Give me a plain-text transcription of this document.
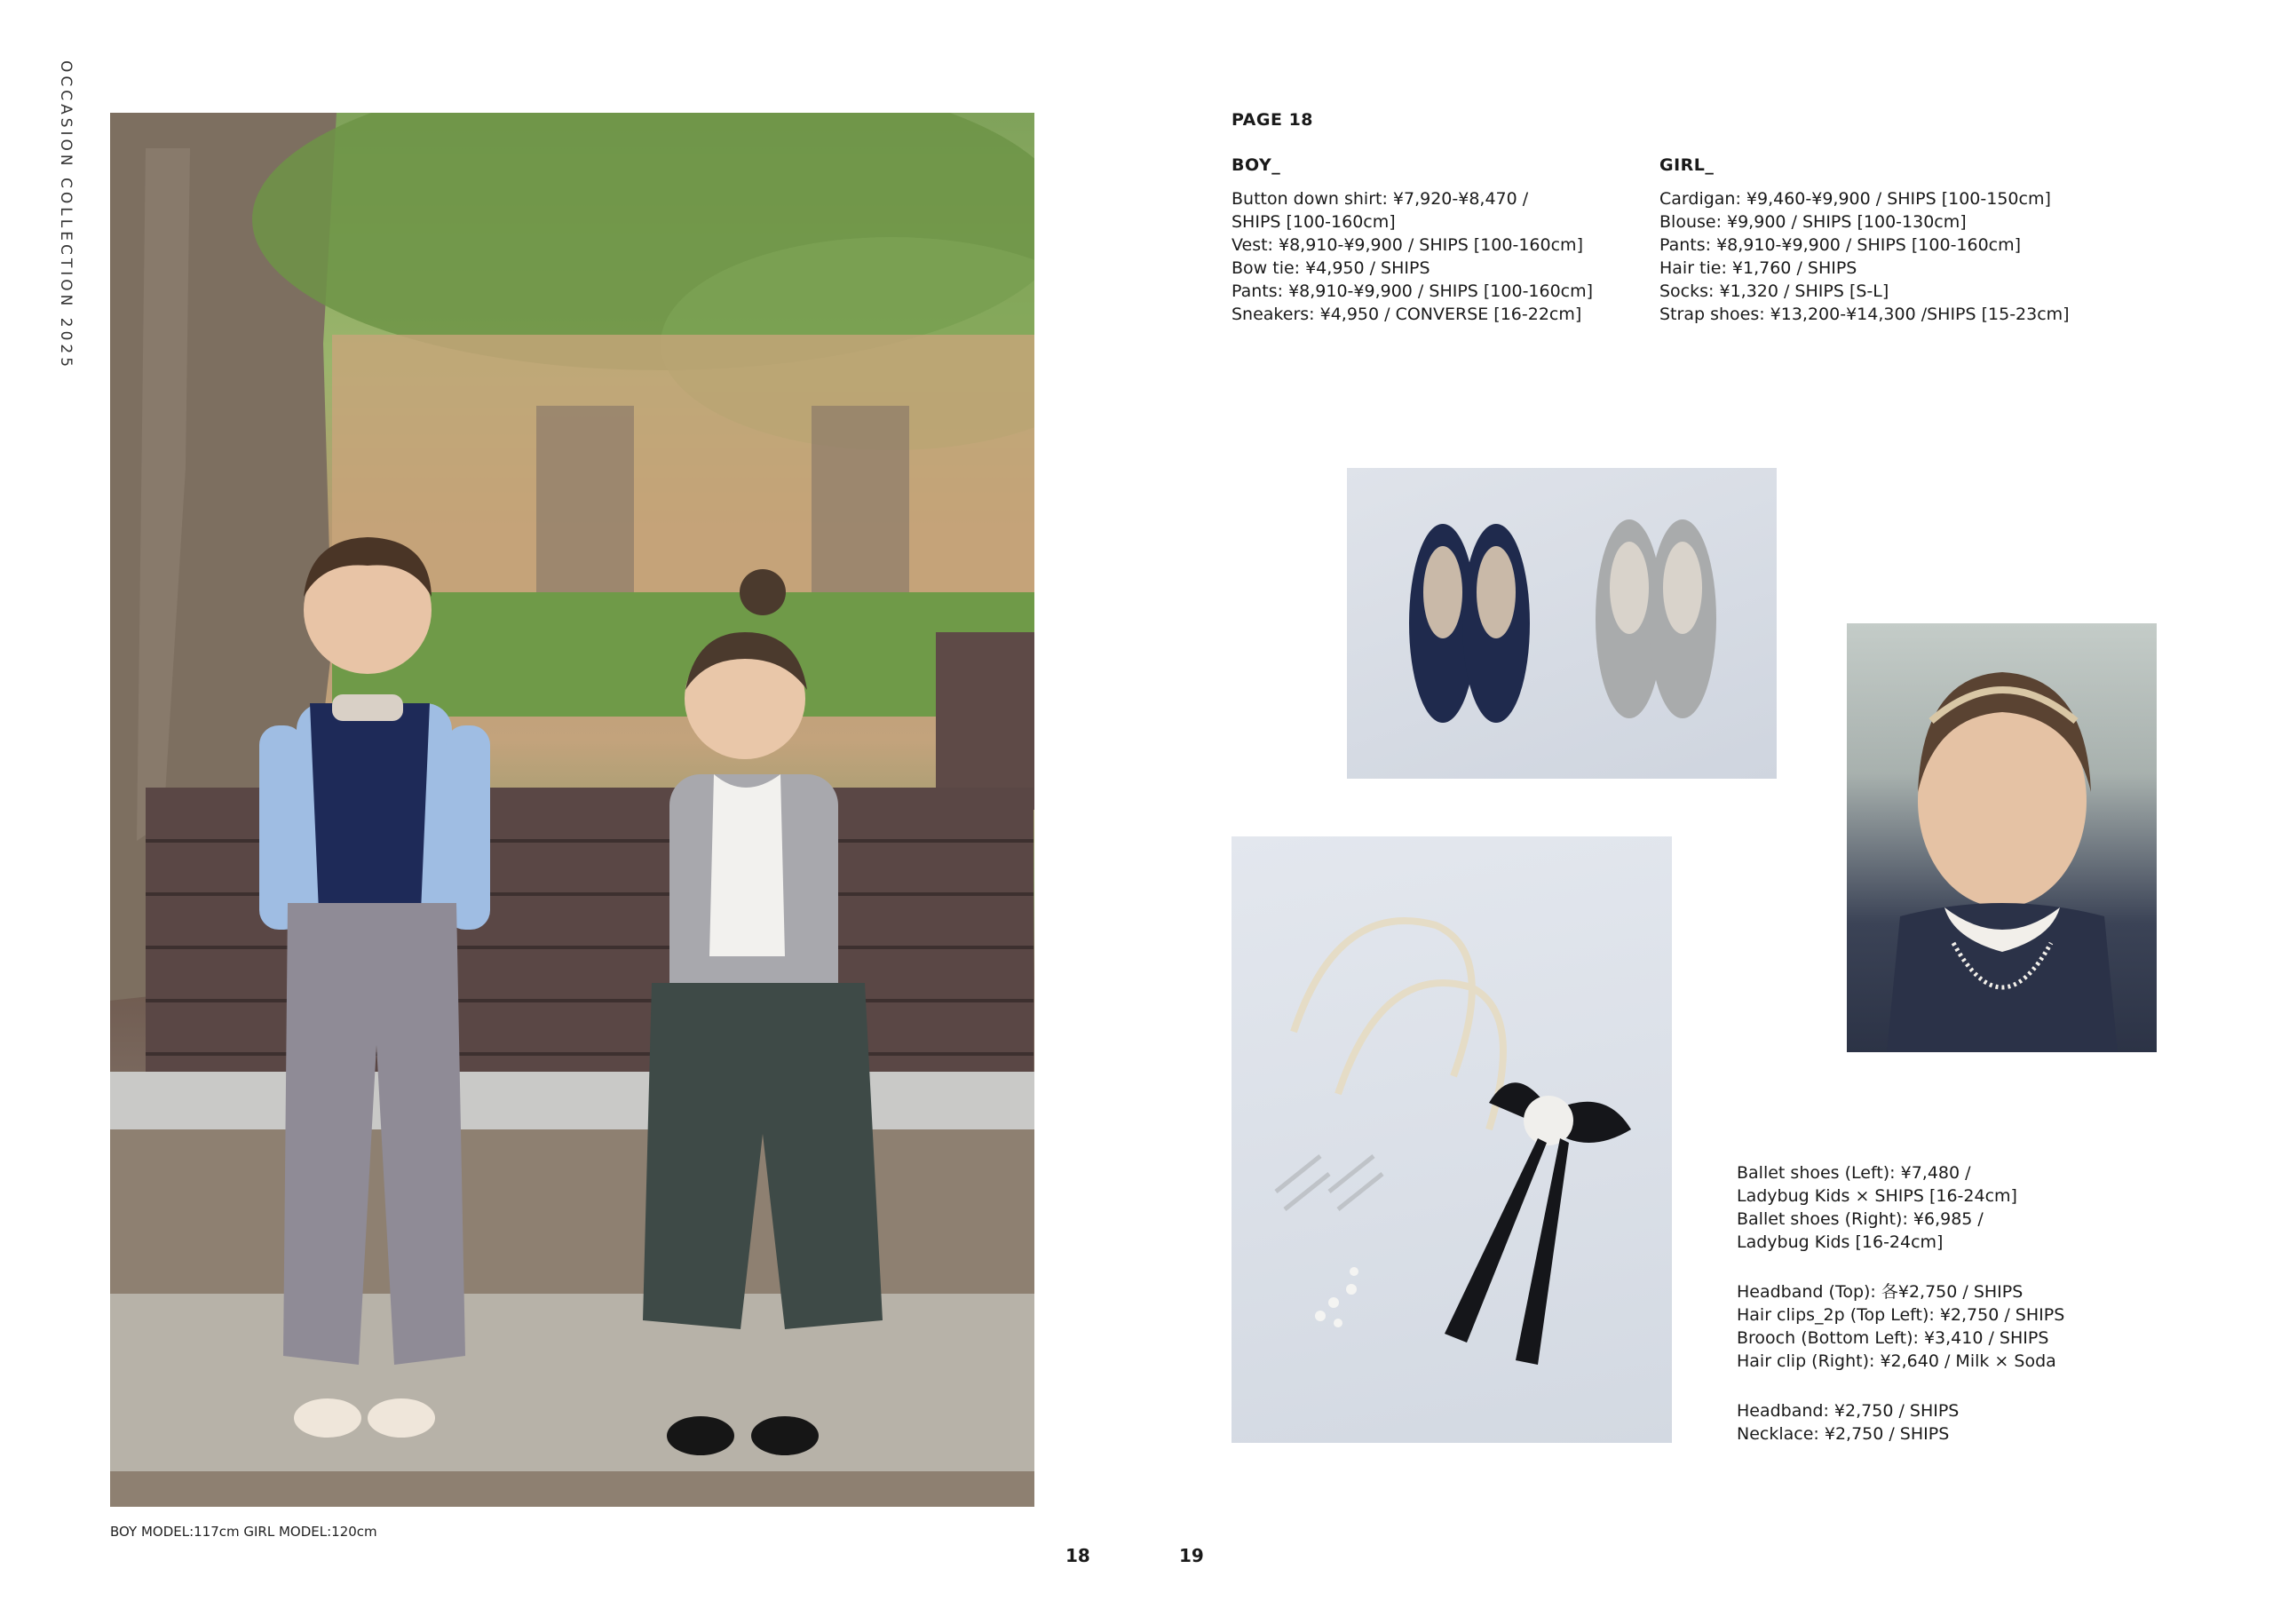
OCCASION COLLECTION 2025	PAGE 18
BOY_
Button down shirt: ¥7,920-¥8,470 /
SHIPS [100-160cm]
Vest: ¥8,910-¥9,900 / SHIPS [100-160cm]
Bow tie: ¥4,950 / SHIPS
Pants: ¥8,910-¥9,900 / SHIPS [100-160cm]
Sneakers: ¥4,950 / CONVERSE [16-22cm]
GIRL_
Cardigan: ¥9,460-¥9,900 / SHIPS [100-150cm]
Blouse: ¥9,900 / SHIPS [100-130cm]
Pants: ¥8,910-¥9,900 / SHIPS [100-160cm]
Hair tie: ¥1,760 / SHIPS
Socks: ¥1,320 / SHIPS [S-L]
Strap shoes: ¥13,200-¥14,300 /SHIPS [15-23cm]
Ballet shoes (Left): ¥7,480 /
Ladybug Kids × SHIPS [16-24cm]
Ballet shoes (Right): ¥6,985 /
Ladybug Kids [16-24cm]
Headband (Top): 各¥2,750 / SHIPS
Hair clips_2p (Top Left): ¥2,750 / SHIPS
Brooch (Bottom Left): ¥3,410 / SHIPS
Hair clip (Right): ¥2,640 / Milk × Soda
Headband: ¥2,750 / SHIPS
Necklace: ¥2,750 / SHIPS
BOY MODEL:117cm GIRL MODEL:120cm
18	19
